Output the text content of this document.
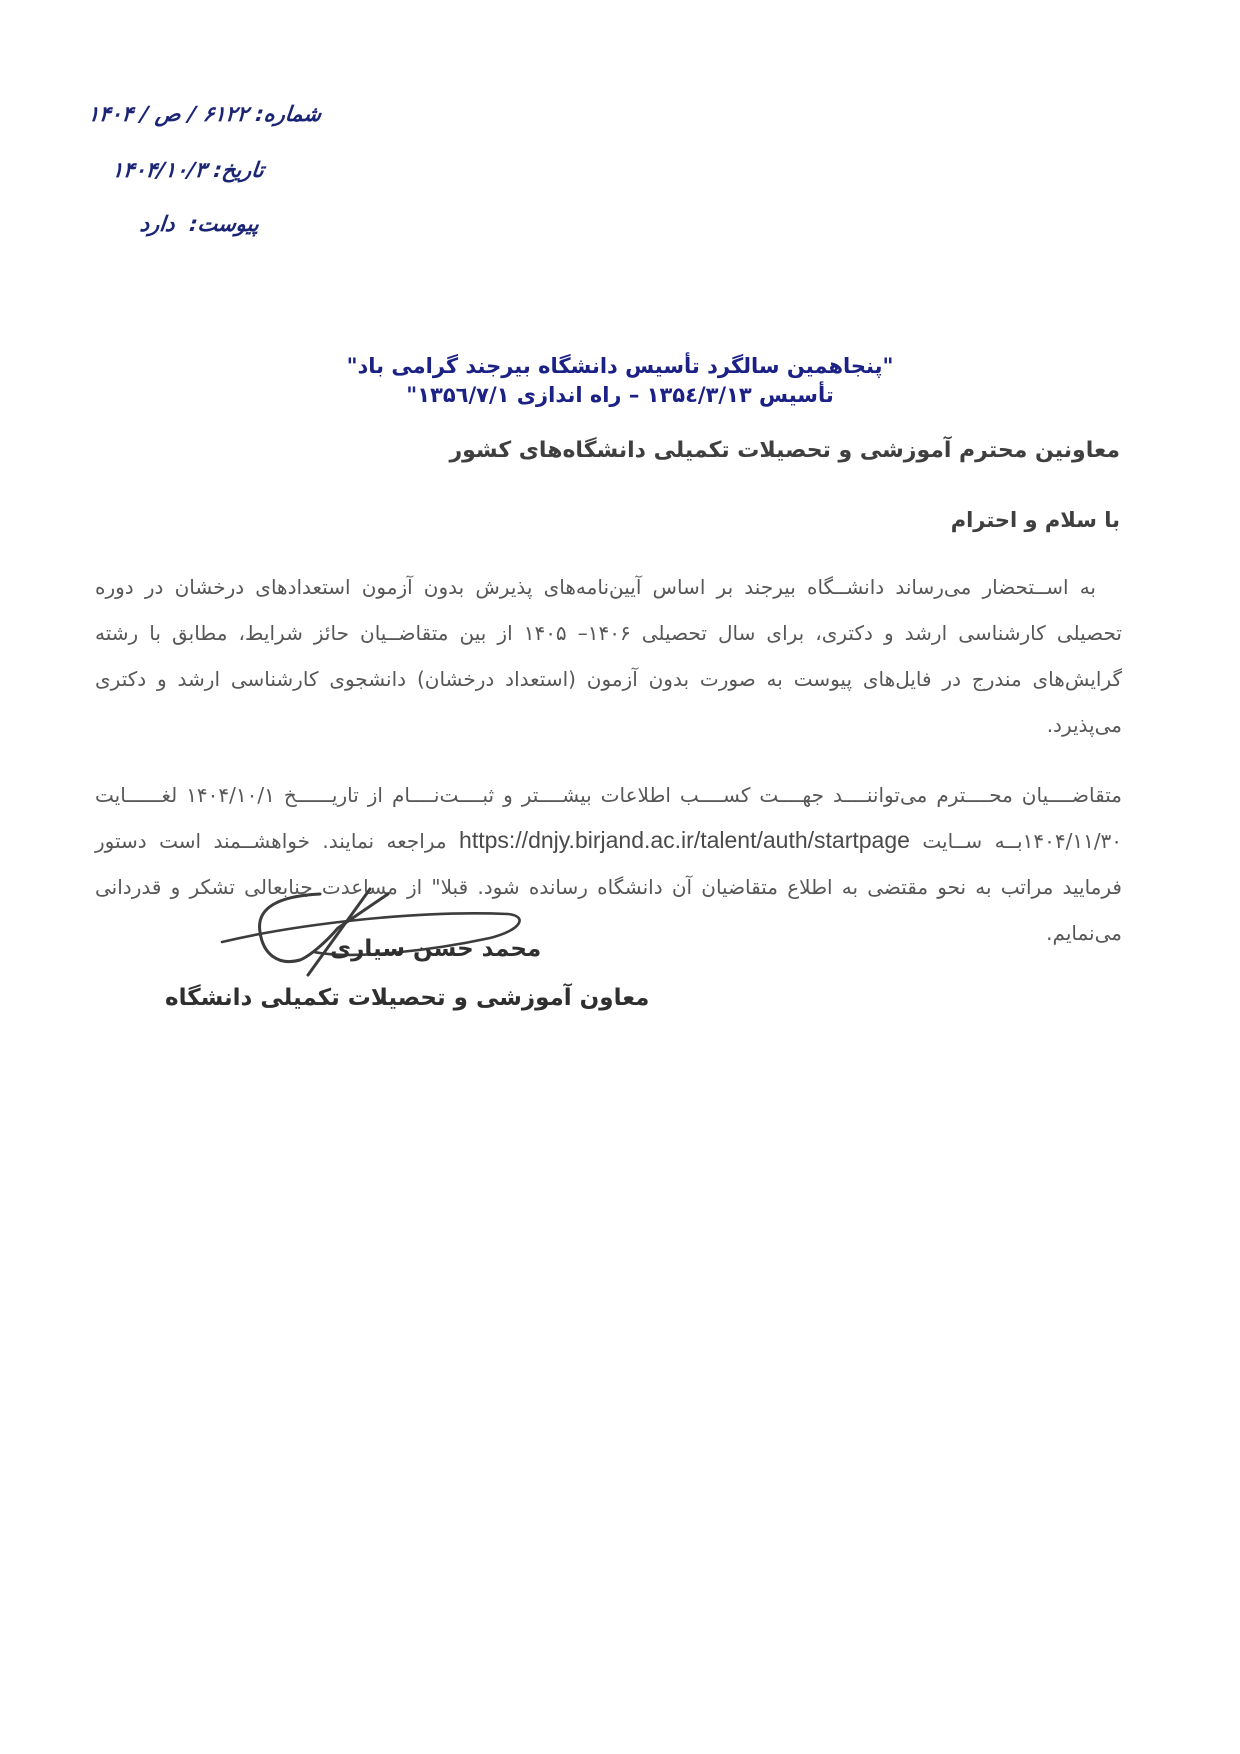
شماره: ۶۱۲۲ / ص / ۱۴۰۴
تاریخ: ۱۴۰۴/۱۰/۳
پیوست:  دارد
"پنجاهمین سالگرد تأسیس دانشگاه بیرجند گرامی باد"
تأسیس ۱۳۵٤/۳/۱۳ – راه اندازی ۱۳۵٦/۷/۱"
معاونین محترم آموزشی و تحصیلات تکمیلی دانشگاه‌های کشور
با سلام و احترام

به اســتحضار می‌رساند دانشــگاه بیرجند بر اساس آیین‌نامه‌های پذیرش بدون آزمون استعدادهای درخشان در دوره تحصیلی کارشناسی ارشد و دکتری، برای سال تحصیلی ۱۴۰۶– ۱۴۰۵ از بین متقاضــیان حائز شرایط، مطابق با رشته گرایش‌های مندرج در فایل‌های پیوست به صورت بدون آزمون (استعداد درخشان) دانشجوی کارشناسی ارشد و دکتری می‌پذیرد.

متقاضــــیان محــــترم می‌تواننــــد جهــــت کســــب اطلاعات بیشــــتر و ثبــــت‌نــــام از تاریــــــخ ۱۴۰۴/۱۰/۱ لغــــــایت ۱۴۰۴/۱۱/۳۰بــه ســایت https://dnjy.birjand.ac.ir/talent/auth/startpage مراجعه نمایند. خواهشــمند است دستور فرمایید مراتب به نحو مقتضی به اطلاع متقاضیان آن دانشگاه رسانده شود. قبلا" از مساعدت جنابعالی تشکر و قدردانی می‌نمایم.

محمد حسن سیاری
معاون آموزشی و تحصیلات تکمیلی دانشگاه
